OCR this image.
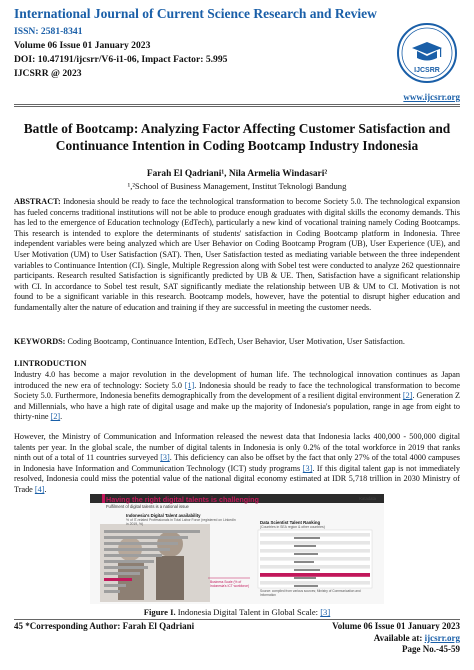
International Journal of Current Science Research and Review
ISSN: 2581-8341
Volume 06 Issue 01 January 2023
DOI: 10.47191/ijcsrr/V6-i1-06, Impact Factor: 5.995
IJCSRR @ 2023	IJCSRR
www.ijcsrr.org
Battle of Bootcamp: Analyzing Factor Affecting Customer Satisfaction and
Continuance Intention in Coding Bootcamp Industry Indonesia
Farah El Qadriani¹, Nila Armelia Windasari²
¹,²School of Business Management, Institut Teknologi Bandung
ABSTRACT: Indonesia should be ready to face the technological transformation to become Society 5.0. The technological expansion has fueled concerns traditional institutions will not be able to produce enough graduates with digital skills the economy demands. This has led to the emergence of Education technology (EdTech), particularly a new kind of vocational training namely Coding Bootcamps. This research is intended to explore the determinants of students' satisfaction in Coding Bootcamp platform in Indonesia. Three independent variables were being analyzed which are User Behavior on Coding Bootcamp Program (UB), User Experience (UE), and User Motivation (UM) to User Satisfaction (SAT). Then, User Satisfaction tested as mediating variable between the three independent variables to Continuance Intention (CI). Single, Multiple Regression along with Sobel test were conducted to analyze 262 questionnaire participants. Research resulted Satisfaction is significantly predicted by UB & UE. Then, Satisfaction have a significant relationship with CI. In accordance to Sobel test result, SAT significantly mediate the relationship between UB & UM to CI. Motivation is not found to be a significant variable in this research. Bootcamp models, however, have the potential to disrupt higher education and fundamentally alter the nature of education and training if they are successful in meeting the customer needs.
KEYWORDS: Coding Bootcamp, Continuance Intention, EdTech, User Behavior, User Motivation, User Satisfaction.
I.INTRODUCTION
Industry 4.0 has become a major revolution in the development of human life. The technological innovation continues as Japan introduced the new era of technology: Society 5.0 [1]. Indonesia should be ready to face the technological transformation to become Society 5.0. Furthermore, Indonesia benefits demographically from the development of a resilient digital environment [2]. Generation Z and Millennials, who have a high rate of digital usage and make up the majority of Indonesia's population, range in age from eight to thirty-nine [2].
However, the Ministry of Communication and Information released the newest data that Indonesia lacks 400,000 - 500,000 digital talents per year. In the global scale, the number of digital talents in Indonesia is only 0.2% of the total workforce in 2019 that ranks ninth out of a total of 11 countries surveyed [3]. This deficiency can also be offset by the fact that only 27% of the total 4000 campuses in Indonesia have Information and Communication Technology (ICT) study programs [3]. If this digital talent gap is not immediately resolved, Indonesia could miss the potential value of the national digital economy estimated at IDR 5,718 trillion in 2030 Ministry of Trade [4].
Having the right digital talents is challenging
Fulfilment of digital talents is a national issue
Katadata
Indonesia's Digital Talent availability
% of IT-related Professionals in Total Labor Force (registered on LinkedIn in 2019, %)	Data Scientist Talent Ranking
(Countries in SEA region & other countries)
Business Scale (% of Indonesia's ICT workforce)
Source: compiled from various sources; Ministry of Communication and Information
Figure I. Indonesia Digital Talent in Global Scale: [3]
45 *Corresponding Author: Farah El Qadriani	Volume 06 Issue 01 January 2023
Available at: ijcsrr.org
Page No.-45-59
